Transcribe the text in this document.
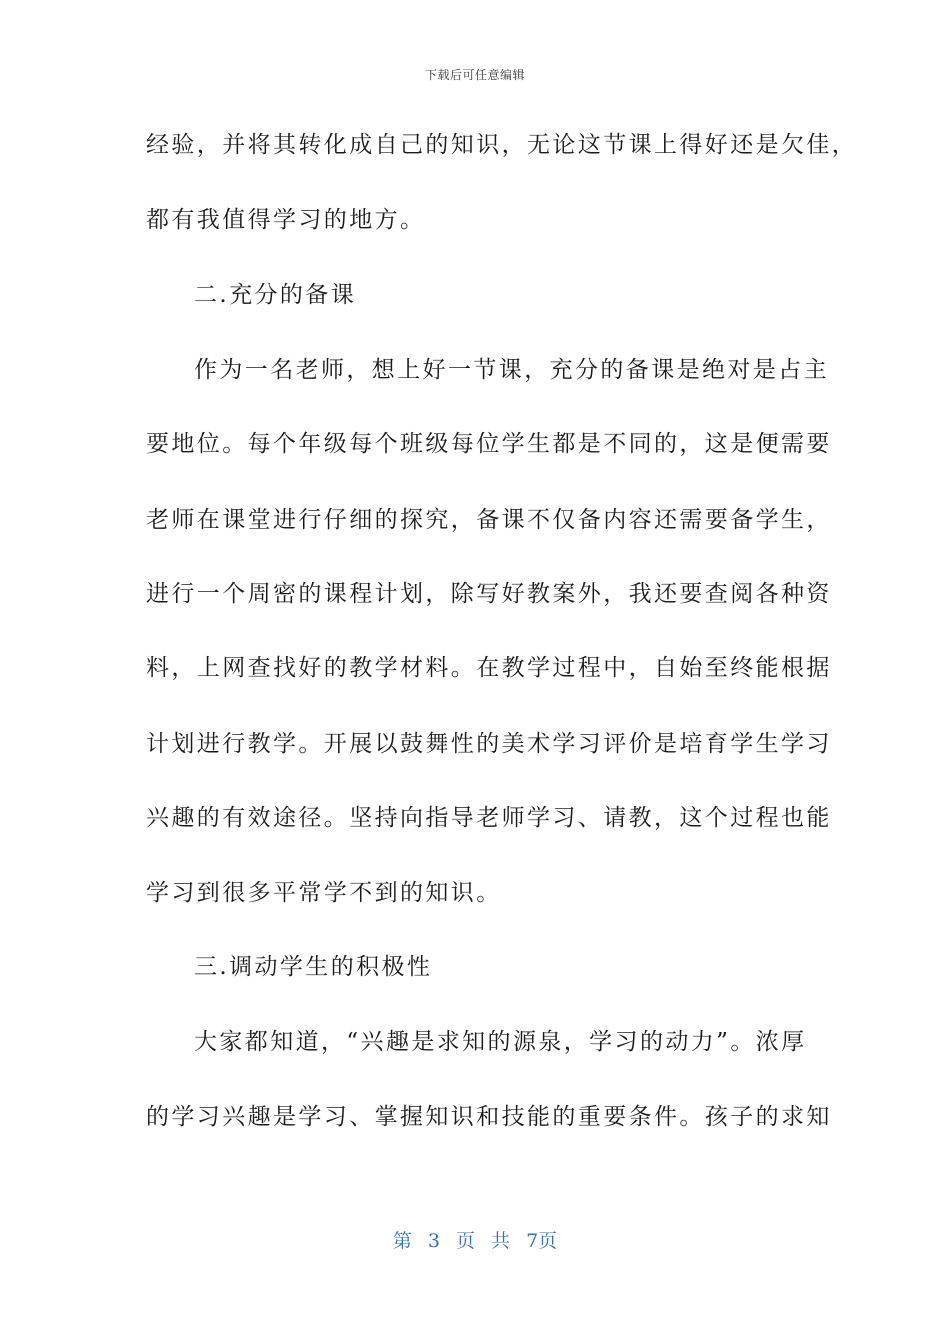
下载后可任意编辑
经验，并将其转化成自己的知识，无论这节课上得好还是欠佳，
都有我值得学习的地方。
二.充分的备课
作为一名老师，想上好一节课，充分的备课是绝对是占主
要地位。每个年级每个班级每位学生都是不同的，这是便需要
老师在课堂进行仔细的探究，备课不仅备内容还需要备学生，
进行一个周密的课程计划，除写好教案外，我还要查阅各种资
料，上网查找好的教学材料。在教学过程中，自始至终能根据
计划进行教学。开展以鼓舞性的美术学习评价是培育学生学习
兴趣的有效途径。坚持向指导老师学习、请教，这个过程也能
学习到很多平常学不到的知识。
三.调动学生的积极性
大家都知道，“兴趣是求知的源泉，学习的动力”。浓厚
的学习兴趣是学习、掌握知识和技能的重要条件。孩子的求知
第 3 页 共 7页
